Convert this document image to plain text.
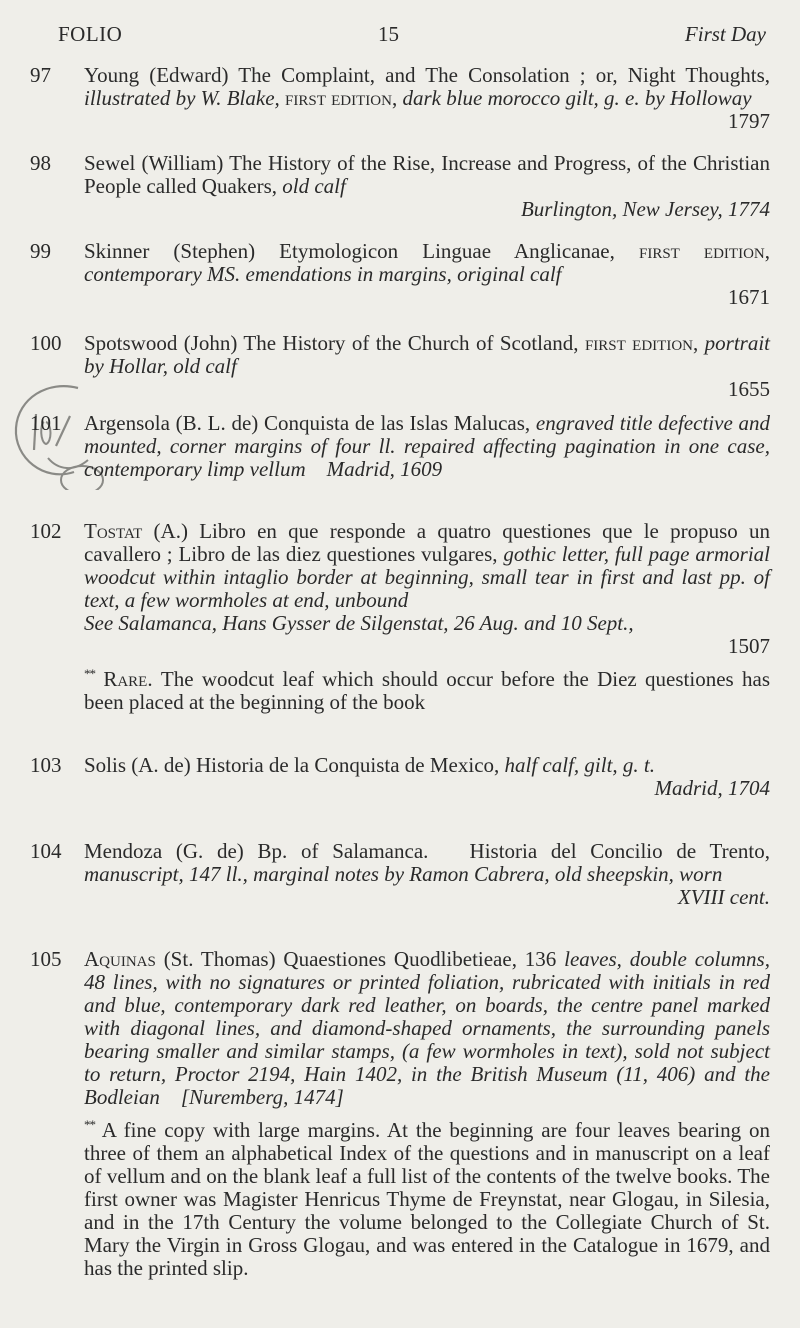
FOLIO	15	First Day
97	Young (Edward) The Complaint, and The Consolation ; or, Night Thoughts, illustrated by W. Blake, first edition, dark blue morocco gilt, g. e. by Holloway

1797
98	Sewel (William) The History of the Rise, Increase and Progress, of the Christian People called Quakers, old calf

Burlington, New Jersey, 1774
99	Skinner (Stephen) Etymologicon Linguae Anglicanae, first edition, contemporary MS. emendations in margins, original calf

1671
100	Spotswood (John) The History of the Church of Scotland, first edition, portrait by Hollar, old calf

1655
101	Argensola (B. L. de) Conquista de las Islas Malucas, engraved title defective and mounted, corner margins of four ll. repaired affecting pagination in one case, contemporary limp vellum    Madrid, 1609

102	Tostat (A.) Libro en que responde a quatro questiones que le propuso un cavallero ; Libro de las diez questiones vulgares, gothic letter, full page armorial woodcut within intaglio border at beginning, small tear in first and last pp. of text, a few wormholes at end, unbound

See Salamanca, Hans Gysser de Silgenstat, 26 Aug. and 10 Sept.,

1507

** Rare. The woodcut leaf which should occur before the Diez questiones has been placed at the beginning of the book

103	Solis (A. de) Historia de la Conquista de Mexico, half calf, gilt, g. t.

Madrid, 1704
104	Mendoza (G. de) Bp. of Salamanca.   Historia del Concilio de Trento, manuscript, 147 ll., marginal notes by Ramon Cabrera, old sheepskin, worn

XVIII cent.
105	Aquinas (St. Thomas) Quaestiones Quodlibetieae, 136 leaves, double columns, 48 lines, with no signatures or printed foliation, rubricated with initials in red and blue, contemporary dark red leather, on boards, the centre panel marked with diagonal lines, and diamond-shaped ornaments, the surrounding panels bearing smaller and similar stamps, (a few wormholes in text), sold not subject to return, Proctor 2194, Hain 1402, in the British Museum (11, 406) and the Bodleian    [Nuremberg, 1474]

** A fine copy with large margins. At the beginning are four leaves bearing on three of them an alphabetical Index of the questions and in manuscript on a leaf of vellum and on the blank leaf a full list of the contents of the twelve books. The first owner was Magister Henricus Thyme de Freynstat, near Glogau, in Silesia, and in the 17th Century the volume belonged to the Collegiate Church of St. Mary the Virgin in Gross Glogau, and was entered in the Catalogue in 1679, and has the printed slip.
